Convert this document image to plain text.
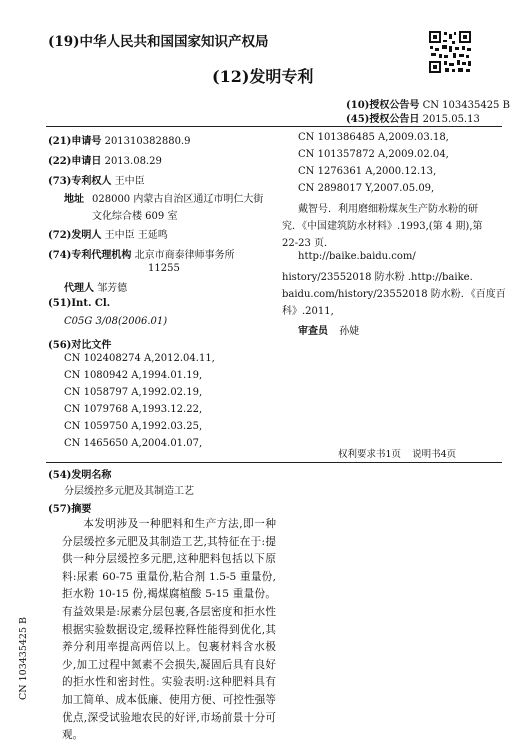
(19)中华人民共和国国家知识产权局
(12)发明专利
(10)授权公告号 CN 103435425 B
(45)授权公告日 2015.05.13
(21)申请号 201310382880.9
(22)申请日 2013.08.29
(73)专利权人 王中臣
地址 028000 内蒙古自治区通辽市明仁大街
文化综合楼 609 室
(72)发明人 王中臣 王延鸣
(74)专利代理机构 北京市商泰律师事务所
11255
代理人 邹芳德
(51)Int. Cl.
C05G 3/08(2006.01)
(56)对比文件
CN 102408274 A,2012.04.11,
CN 1080942 A,1994.01.19,
CN 1058797 A,1992.02.19,
CN 1079768 A,1993.12.22,
CN 1059750 A,1992.03.25,
CN 1465650 A,2004.01.07,
CN 101386485 A,2009.03.18,
CN 101357872 A,2009.02.04,
CN 1276361 A,2000.12.13,
CN 2898017 Y,2007.05.09,
戴智号．利用磨细粉煤灰生产防水粉的研
究．《中国建筑防水材料》.1993,(第 4 期),第
22-23 页．
http://baike.baidu.com/
history/23552018 防水粉 .http://baike.
baidu.com/history/23552018 防水粉．《百度百
科》.2011,
审查员 孙婕
权利要求书1页 说明书4页
(54)发明名称
分层缓控多元肥及其制造工艺
(57)摘要
本发明涉及一种肥料和生产方法,即一种分层缓控多元肥及其制造工艺,其特征在于:提供一种分层缓控多元肥,这种肥料包括以下原料:尿素 60-75 重量份,粘合剂 1.5-5 重量份,拒水粉 10-15 份,褐煤腐植酸 5-15 重量份。有益效果是:尿素分层包裹,各层密度和拒水性根据实验数据设定,缓释控释性能得到优化,其养分利用率提高两倍以上。包裹材料含水极少,加工过程中氮素不会损失,凝固后具有良好的拒水性和密封性。实验表明:这种肥料具有加工简单、成本低廉、使用方便、可控性强等优点,深受试验地农民的好评,市场前景十分可观。
CN 103435425 B
